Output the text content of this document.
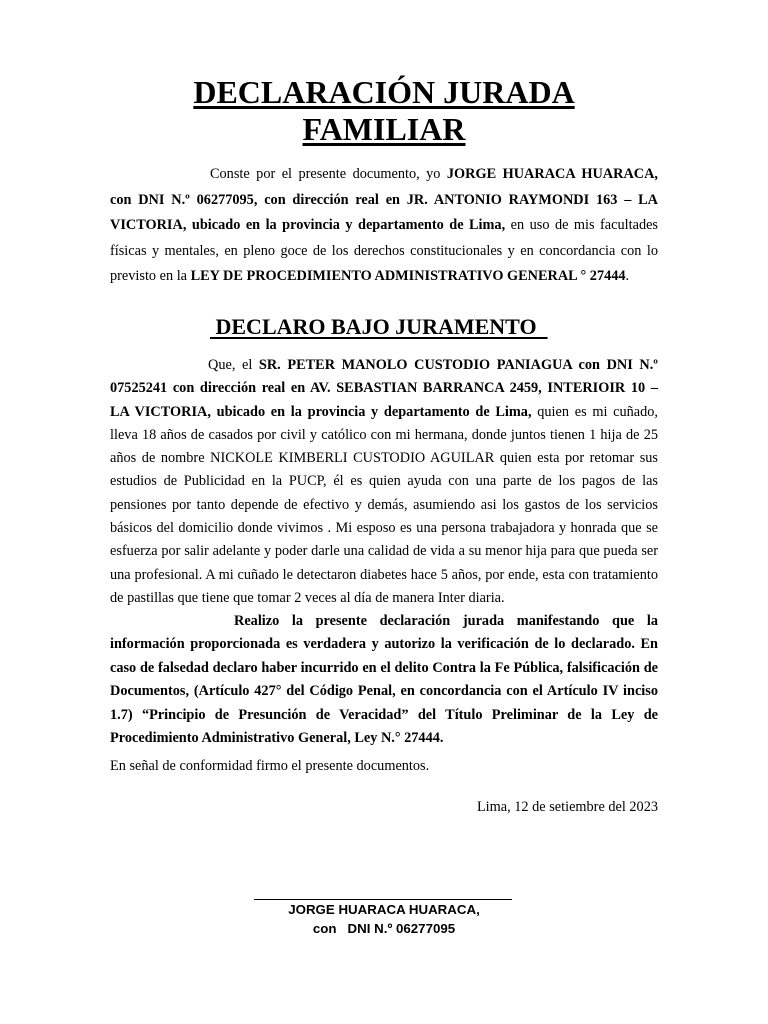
DECLARACIÓN JURADA
FAMILIAR
Conste por el presente documento, yo JORGE HUARACA HUARACA, con DNI N.º 06277095, con dirección real en JR. ANTONIO RAYMONDI 163 – LA VICTORIA, ubicado en la provincia y departamento de Lima, en uso de mis facultades físicas y mentales, en pleno goce de los derechos constitucionales y en concordancia con lo previsto en la LEY DE PROCEDIMIENTO ADMINISTRATIVO GENERAL ° 27444.
DECLARO BAJO JURAMENTO
Que, el SR. PETER MANOLO CUSTODIO PANIAGUA con DNI N.º 07525241 con dirección real en AV. SEBASTIAN BARRANCA 2459, INTERIOIR 10 – LA VICTORIA, ubicado en la provincia y departamento de Lima, quien es mi cuñado, lleva 18 años de casados por civil y católico con mi hermana, donde juntos tienen 1 hija de 25 años de nombre NICKOLE KIMBERLI CUSTODIO AGUILAR quien esta por retomar sus estudios de Publicidad en la PUCP, él es quien ayuda con una parte de los pagos de las pensiones por tanto depende de efectivo y demás, asumiendo asi los gastos de los servicios básicos del domicilio donde vivimos . Mi esposo es una persona trabajadora y honrada que se esfuerza por salir adelante y poder darle una calidad de vida a su menor hija para que pueda ser una profesional. A mi cuñado le detectaron diabetes hace 5 años, por ende, esta con tratamiento de pastillas que tiene que tomar 2 veces al día de manera Inter diaria.
Realizo la presente declaración jurada manifestando que la información proporcionada es verdadera y autorizo la verificación de lo declarado. En caso de falsedad declaro haber incurrido en el delito Contra la Fe Pública, falsificación de Documentos, (Artículo 427° del Código Penal, en concordancia con el Artículo IV inciso 1.7) “Principio de Presunción de Veracidad” del Título Preliminar de la Ley de Procedimiento Administrativo General, Ley N.° 27444.
En señal de conformidad firmo el presente documentos.
Lima, 12 de setiembre del 2023
JORGE HUARACA HUARACA,
con   DNI N.º 06277095
